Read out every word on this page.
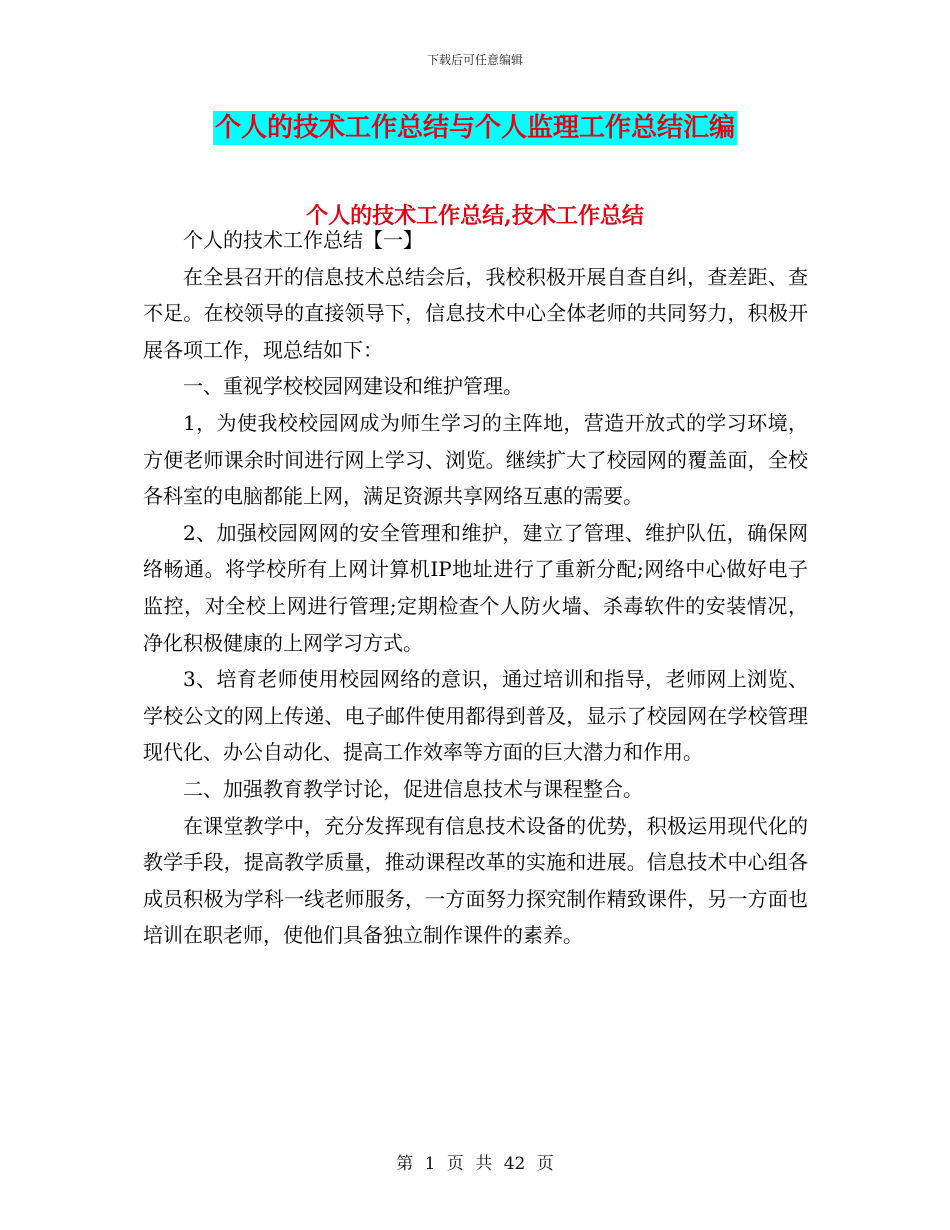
下载后可任意编辑
个人的技术工作总结与个人监理工作总结汇编
个人的技术工作总结,技术工作总结

个人的技术工作总结【一】

在全县召开的信息技术总结会后，我校积极开展自查自纠，查差距、查不足。在校领导的直接领导下，信息技术中心全体老师的共同努力，积极开展各项工作，现总结如下：

一、重视学校校园网建设和维护管理。

1，为使我校校园网成为师生学习的主阵地，营造开放式的学习环境，方便老师课余时间进行网上学习、浏览。继续扩大了校园网的覆盖面，全校各科室的电脑都能上网，满足资源共享网络互惠的需要。

2、加强校园网网的安全管理和维护，建立了管理、维护队伍，确保网络畅通。将学校所有上网计算机IP地址进行了重新分配;网络中心做好电子监控，对全校上网进行管理;定期检查个人防火墙、杀毒软件的安装情况，净化积极健康的上网学习方式。

3、培育老师使用校园网络的意识，通过培训和指导，老师网上浏览、学校公文的网上传递、电子邮件使用都得到普及，显示了校园网在学校管理现代化、办公自动化、提高工作效率等方面的巨大潜力和作用。

二、加强教育教学讨论，促进信息技术与课程整合。

在课堂教学中，充分发挥现有信息技术设备的优势，积极运用现代化的教学手段，提高教学质量，推动课程改革的实施和进展。信息技术中心组各成员积极为学科一线老师服务，一方面努力探究制作精致课件，另一方面也培训在职老师，使他们具备独立制作课件的素养。

第 1 页 共 42 页
